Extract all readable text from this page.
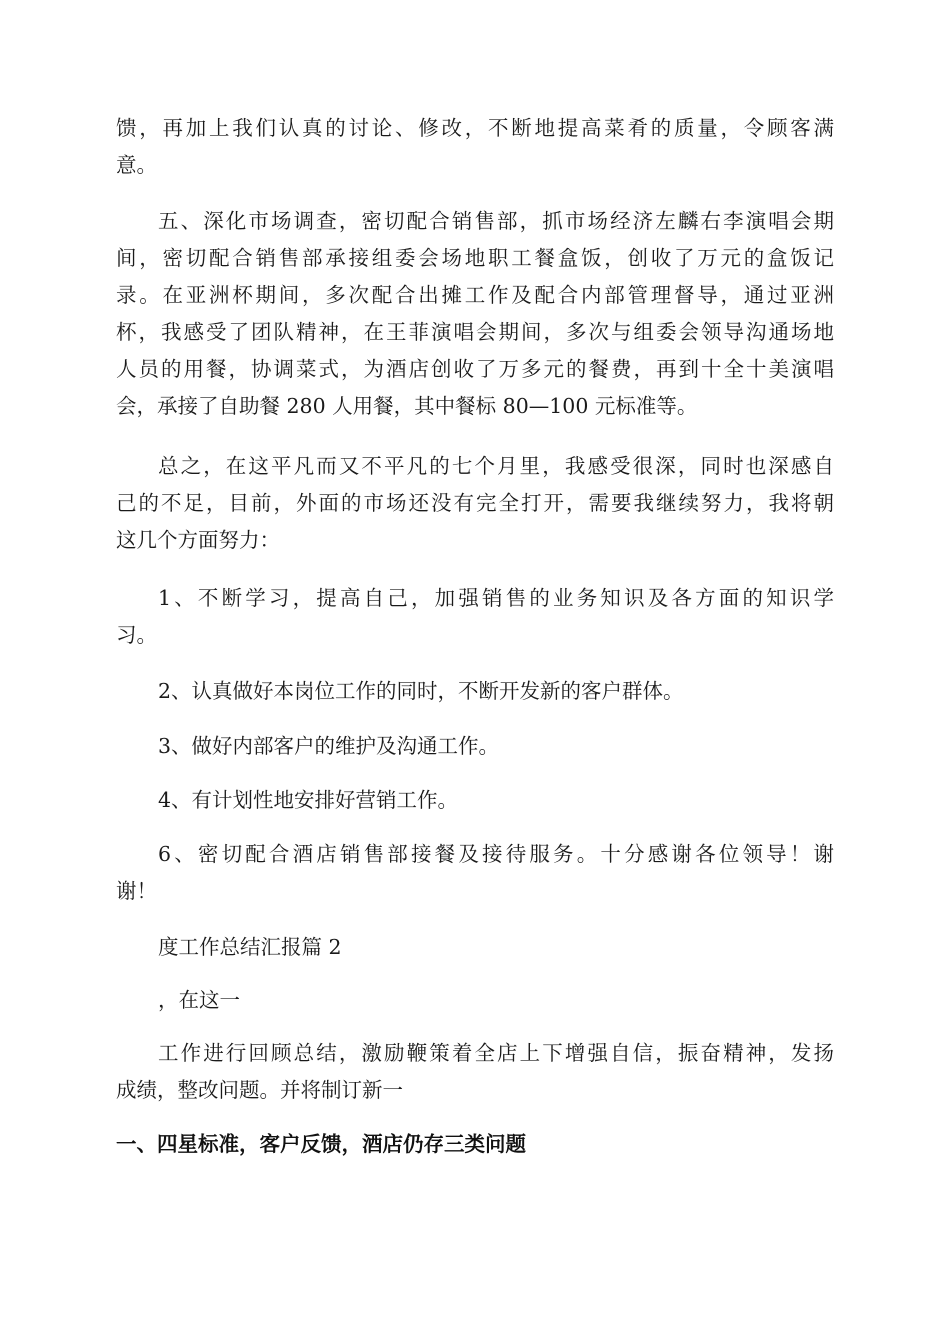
馈，再加上我们认真的讨论、修改，不断地提高菜肴的质量，令顾客满
意。

五、深化市场调查，密切配合销售部，抓市场经济左麟右李演唱会期
间，密切配合销售部承接组委会场地职工餐盒饭，创收了万元的盒饭记
录。在亚洲杯期间，多次配合出摊工作及配合内部管理督导，通过亚洲
杯，我感受了团队精神，在王菲演唱会期间，多次与组委会领导沟通场地
人员的用餐，协调菜式，为酒店创收了万多元的餐费，再到十全十美演唱
会，承接了自助餐 280 人用餐，其中餐标 80—100 元标准等。

总之，在这平凡而又不平凡的七个月里，我感受很深，同时也深感自
己的不足，目前，外面的市场还没有完全打开，需要我继续努力，我将朝
这几个方面努力：

1、不断学习，提高自己，加强销售的业务知识及各方面的知识学
习。

2、认真做好本岗位工作的同时，不断开发新的客户群体。

3、做好内部客户的维护及沟通工作。

4、有计划性地安排好营销工作。

6、密切配合酒店销售部接餐及接待服务。十分感谢各位领导！谢
谢！

度工作总结汇报篇 2

，在这一

工作进行回顾总结，激励鞭策着全店上下增强自信，振奋精神，发扬
成绩，整改问题。并将制订新一

一、四星标准，客户反馈，酒店仍存三类问题
